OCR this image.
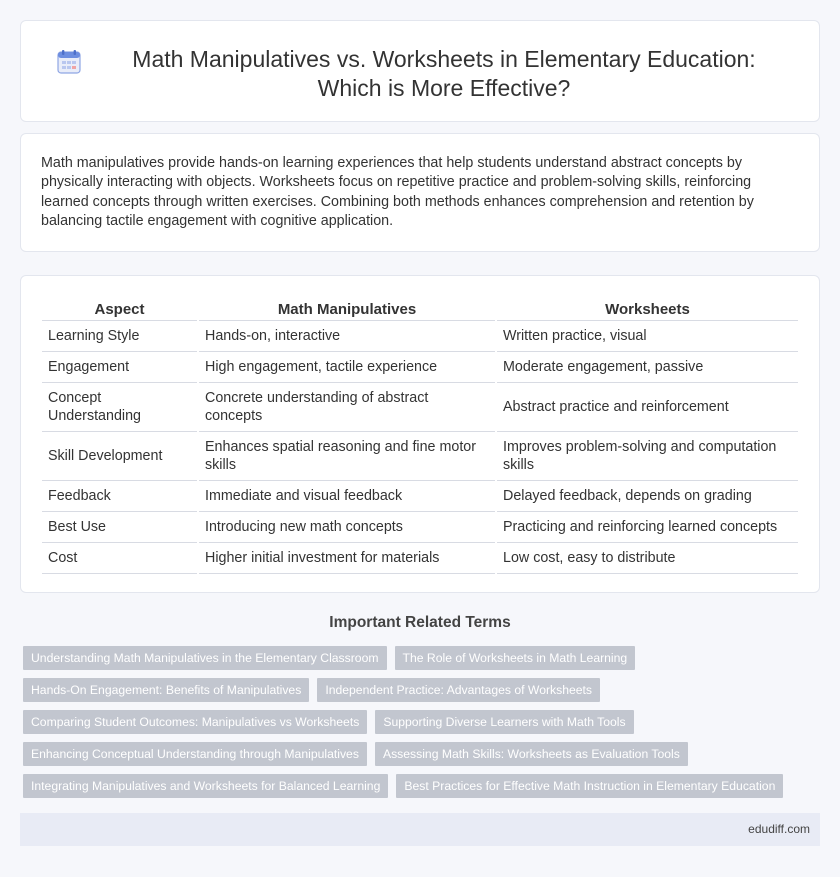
Math Manipulatives vs. Worksheets in Elementary Education: Which is More Effective?

Math manipulatives provide hands-on learning experiences that help students understand abstract concepts by physically interacting with objects. Worksheets focus on repetitive practice and problem-solving skills, reinforcing learned concepts through written exercises. Combining both methods enhances comprehension and retention by balancing tactile engagement with cognitive application.

Aspect	Math Manipulatives	Worksheets
Learning Style	Hands-on, interactive	Written practice, visual
Engagement	High engagement, tactile experience	Moderate engagement, passive
Concept Understanding	Concrete understanding of abstract concepts	Abstract practice and reinforcement
Skill Development	Enhances spatial reasoning and fine motor skills	Improves problem-solving and computation skills
Feedback	Immediate and visual feedback	Delayed feedback, depends on grading
Best Use	Introducing new math concepts	Practicing and reinforcing learned concepts
Cost	Higher initial investment for materials	Low cost, easy to distribute
Important Related Terms
Understanding Math Manipulatives in the Elementary Classroom	The Role of Worksheets in Math Learning
Hands-On Engagement: Benefits of Manipulatives	Independent Practice: Advantages of Worksheets
Comparing Student Outcomes: Manipulatives vs Worksheets	Supporting Diverse Learners with Math Tools
Enhancing Conceptual Understanding through Manipulatives	Assessing Math Skills: Worksheets as Evaluation Tools
Integrating Manipulatives and Worksheets for Balanced Learning	Best Practices for Effective Math Instruction in Elementary Education
edudiff.com
